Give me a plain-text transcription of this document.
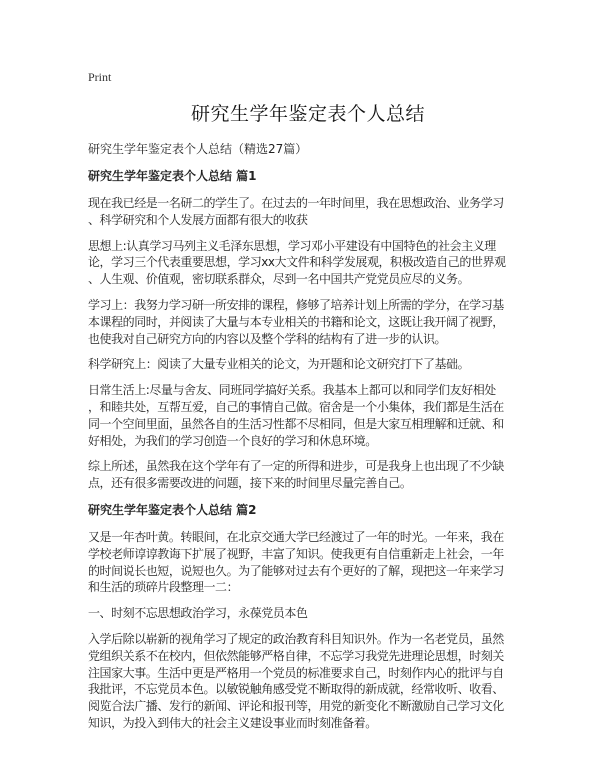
Print
研究生学年鉴定表个人总结
研究生学年鉴定表个人总结（精选27篇）
研究生学年鉴定表个人总结 篇1
现在我已经是一名研二的学生了。在过去的一年时间里，我在思想政治、业务学习
、科学研究和个人发展方面都有很大的收获
思想上:认真学习马列主义毛泽东思想，学习邓小平建设有中国特色的社会主义理
论，学习三个代表重要思想，学习xx大文件和科学发展观，积极改造自己的世界观
、人生观、价值观，密切联系群众，尽到一名中国共产党党员应尽的义务。
学习上：我努力学习研一所安排的课程，修够了培养计划上所需的学分，在学习基
本课程的同时，并阅读了大量与本专业相关的书籍和论文，这既让我开阔了视野，
也使我对自己研究方向的内容以及整个学科的结构有了进一步的认识。
科学研究上：阅读了大量专业相关的论文，为开题和论文研究打下了基础。
日常生活上:尽量与舍友、同班同学搞好关系。我基本上都可以和同学们友好相处
，和睦共处，互帮互爱，自己的事情自己做。宿舍是一个小集体，我们都是生活在
同一个空间里面，虽然各自的生活习性都不尽相同，但是大家互相理解和迁就、和
好相处，为我们的学习创造一个良好的学习和休息环境。
综上所述，虽然我在这个学年有了一定的所得和进步，可是我身上也出现了不少缺
点，还有很多需要改进的问题，接下来的时间里尽量完善自己。
研究生学年鉴定表个人总结 篇2
又是一年杏叶黄。转眼间，在北京交通大学已经渡过了一年的时光。一年来，我在
学校老师谆谆教诲下扩展了视野，丰富了知识。使我更有自信重新走上社会，一年
的时间说长也短，说短也久。为了能够对过去有个更好的了解，现把这一年来学习
和生活的琐碎片段整理一二：
一、时刻不忘思想政治学习，永葆党员本色
入学后除以崭新的视角学习了规定的政治教育科目知识外。作为一名老党员，虽然
党组织关系不在校内，但依然能够严格自律，不忘学习我党先进理论思想，时刻关
注国家大事。生活中更是严格用一个党员的标准要求自己，时刻作内心的批评与自
我批评，不忘党员本色。以敏锐触角感受党不断取得的新成就，经常收听、收看、
阅览合法广播、发行的新闻、评论和报刊等，用党的新变化不断激励自己学习文化
知识，为投入到伟大的社会主义建设事业而时刻准备着。
